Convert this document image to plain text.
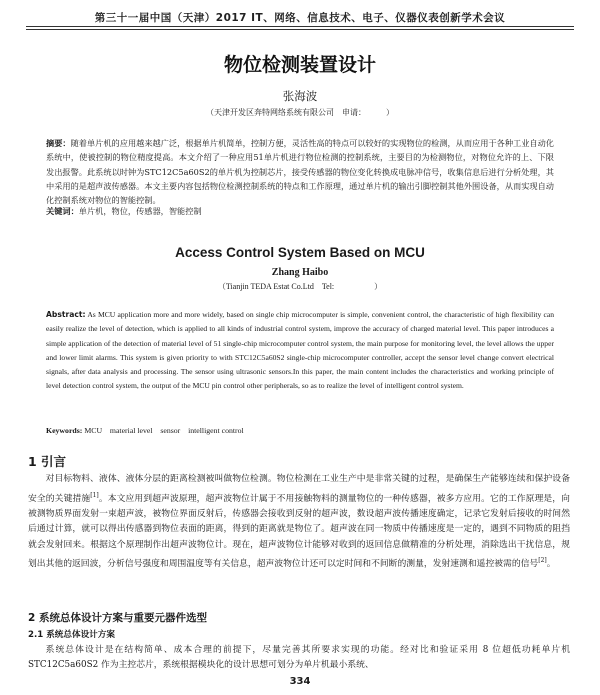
第三十一届中国（天津）2017 IT、网络、信息技术、电子、仪器仪表创新学术会议
物位检测装置设计
张海波
（天津开发区奔特网络系统有限公司　申请：　　　）
摘要：随着单片机的应用越来越广泛，根据单片机简单，控制方便，灵活性高的特点可以较好的实现物位的检测，从而应用于各种工业自动化系统中，使被控制的物位精度提高。本文介绍了一种应用51单片机进行物位检测的控制系统，主要目的为检测物位，对物位允许的上、下限发出报警。此系统以时钟为STC12C5a60S2的单片机为控制芯片，接受传感器的物位变化转换成电脉冲信号，收集信息后进行分析处理，其中采用的是超声波传感器。本文主要内容包括物位检测控制系统的特点和工作原理，通过单片机的输出引脚控制其他外围设备，从而实现自动化控制系统对物位的智能控制。
关键词：单片机，物位，传感器，智能控制
Access Control System Based on MCU
Zhang Haibo
（Tianjin TEDA Estat Co.Ltd　Tel:　　　　　）
Abstract: As MCU application more and more widely, based on single chip microcomputer is simple, convenient control, the characteristic of high flexibility can easily realize the level of detection, which is applied to all kinds of industrial control system, improve the accuracy of charged material level. This paper introduces a simple application of the detection of material level of 51 single-chip microcomputer control system, the main purpose for monitoring level, the level allows the upper and lower limit alarms. This system is given priority to with STC12C5a60S2 single-chip microcomputer controller, accept the sensor level change convert electrical signals, after data analysis and processing. The sensor using ultrasonic sensors.In this paper, the main content includes the characteristics and working principle of level detection control system, the output of the MCU pin control other peripherals, so as to realize the level of intelligent control system.
Keywords: MCU　material level　sensor　intelligent control
1 引言
对目标物料、液体、液体分层的距离检测被叫做物位检测。物位检测在工业生产中是非常关键的过程，是确保生产能够连续和保护设备安全的关键措施[1]。本文应用到超声波原理，超声波物位计属于不用接触物料的测量物位的一种传感器，被多方应用。它的工作原理是，向被测物质界面发射一束超声波，被物位界面反射后，传感器会接收到反射的超声波，数设超声波传播速度确定，记录它发射后接收的时间然后通过计算，就可以得出传感器到物位表面的距离，得到的距离就是物位了。超声波在同一物质中传播速度是一定的，遇到不同物质的阻挡就会发射回来。根据这个原理制作出超声波物位计。现在，超声波物位计能够对收到的返回信息做精准的分析处理，消除选出干扰信息，规划出其他的返回波，分析信号强度和周围温度等有关信息，超声波物位计还可以定时间和不间断的测量，发射速测和遥控被需的信号[2]。
2 系统总体设计方案与重要元器件选型
2.1 系统总体设计方案
系统总体设计是在结构简单、成本合理的前提下，尽量完善其所要求实现的功能。经对比和验证采用 8 位超低功耗单片机 STC12C5a60S2 作为主控芯片，系统根据模块化的设计思想可划分为单片机最小系统、
334
